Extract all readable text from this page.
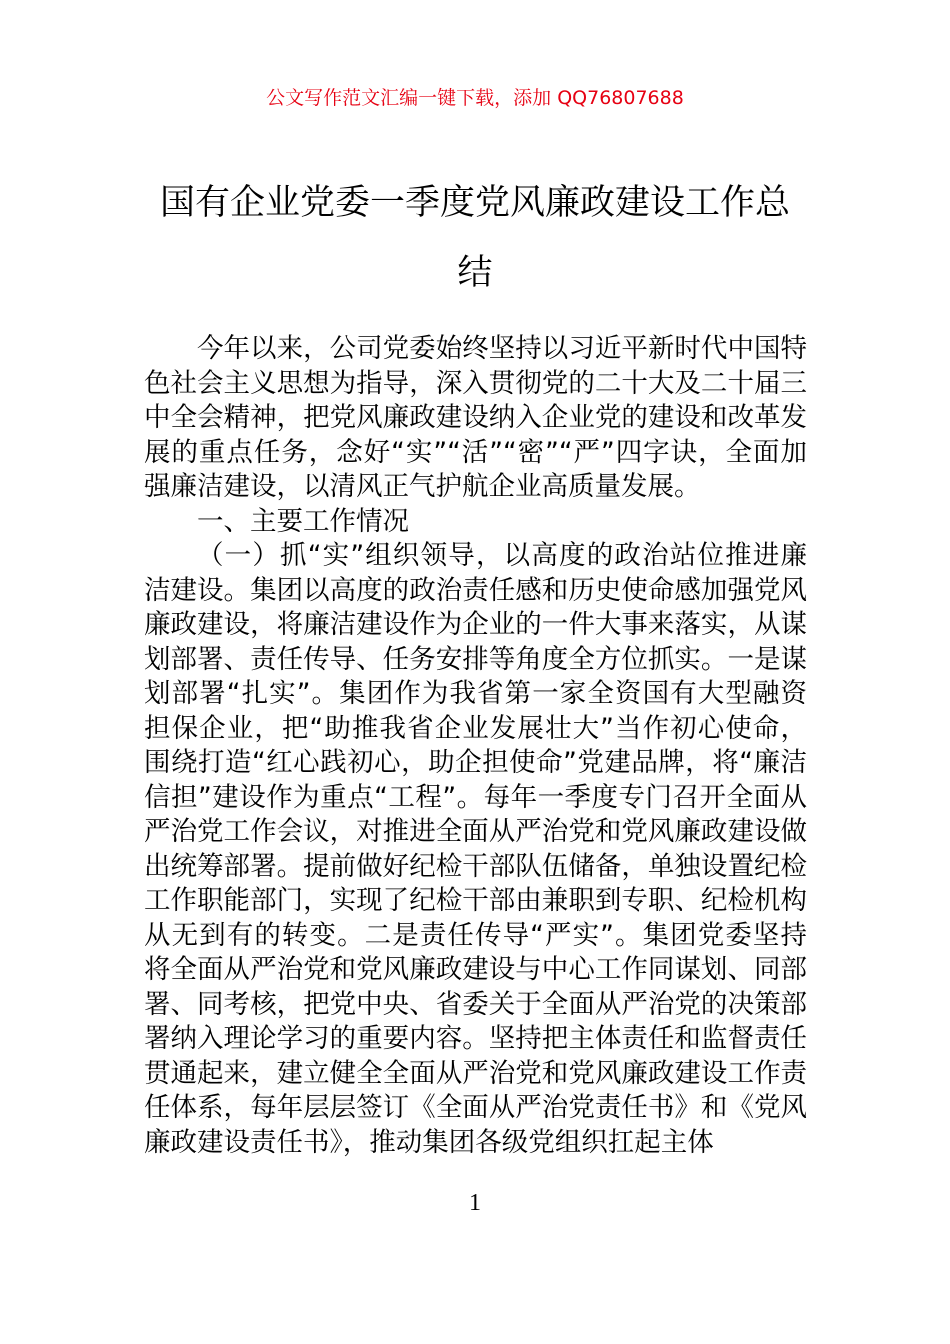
公文写作范文汇编一键下载，添加 QQ76807688
国有企业党委一季度党风廉政建设工作总结

今年以来，公司党委始终坚持以习近平新时代中国特色社会主义思想为指导，深入贯彻党的二十大及二十届三中全会精神，把党风廉政建设纳入企业党的建设和改革发展的重点任务，念好“实”“活”“密”“严”四字诀，全面加强廉洁建设，以清风正气护航企业高质量发展。

一、主要工作情况

（一）抓“实”组织领导，以高度的政治站位推进廉洁建设。集团以高度的政治责任感和历史使命感加强党风廉政建设，将廉洁建设作为企业的一件大事来落实，从谋划部署、责任传导、任务安排等角度全方位抓实。一是谋划部署“扎实”。集团作为我省第一家全资国有大型融资担保企业，把“助推我省企业发展壮大”当作初心使命，围绕打造“红心践初心，助企担使命”党建品牌，将“廉洁信担”建设作为重点“工程”。每年一季度专门召开全面从严治党工作会议，对推进全面从严治党和党风廉政建设做出统筹部署。提前做好纪检干部队伍储备，单独设置纪检工作职能部门，实现了纪检干部由兼职到专职、纪检机构从无到有的转变。二是责任传导“严实”。集团党委坚持将全面从严治党和党风廉政建设与中心工作同谋划、同部署、同考核，把党中央、省委关于全面从严治党的决策部署纳入理论学习的重要内容。坚持把主体责任和监督责任贯通起来，建立健全全面从严治党和党风廉政建设工作责任体系，每年层层签订《全面从严治党责任书》和《党风廉政建设责任书》，推动集团各级党组织扛起主体

1
